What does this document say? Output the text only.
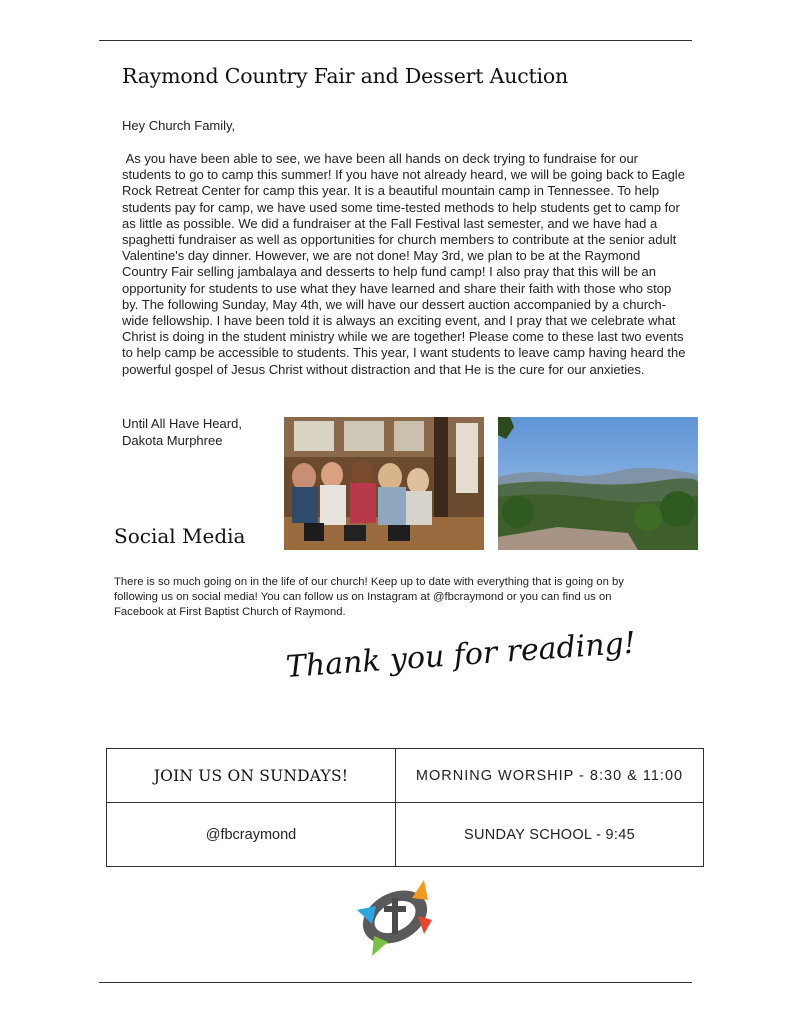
Raymond Country Fair and Dessert Auction
Hey Church Family,
As you have been able to see, we have been all hands on deck trying to fundraise for our students to go to camp this summer! If you have not already heard, we will be going back to Eagle Rock Retreat Center for camp this year. It is a beautiful mountain camp in Tennessee. To help students pay for camp, we have used some time-tested methods to help students get to camp for as little as possible. We did a fundraiser at the Fall Festival last semester, and we have had a spaghetti fundraiser as well as opportunities for church members to contribute at the senior adult Valentine's day dinner. However, we are not done! May 3rd, we plan to be at the Raymond Country Fair selling jambalaya and desserts to help fund camp! I also pray that this will be an opportunity for students to use what they have learned and share their faith with those who stop by. The following Sunday, May 4th, we will have our dessert auction accompanied by a church-wide fellowship. I have been told it is always an exciting event, and I pray that we celebrate what Christ is doing in the student ministry while we are together! Please come to these last two events to help camp be accessible to students. This year, I want students to leave camp having heard the powerful gospel of Jesus Christ without distraction and that He is the cure for our anxieties.
Until All Have Heard,
Dakota Murphree
Social Media
There is so much going on in the life of our church! Keep up to date with everything that is going on by following us on social media! You can follow us on Instagram at @fbcraymond or you can find us on Facebook at First Baptist Church of Raymond.
Thank you for reading!
JOIN US ON SUNDAYS!	MORNING WORSHIP - 8:30 & 11:00
@fbcraymond	SUNDAY SCHOOL - 9:45
